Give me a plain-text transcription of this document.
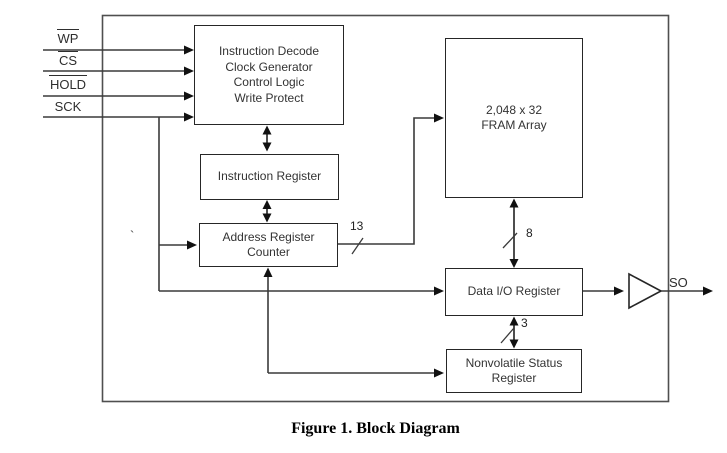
WP
CS
HOLD
SCK
Instruction Decode
Clock Generator
Control Logic
Write Protect
Instruction Register
Address Register
Counter
2,048 x 32
FRAM Array
Data I/O Register
Nonvolatile Status
Register
13	8
3
SO
`
Figure 1. Block Diagram
